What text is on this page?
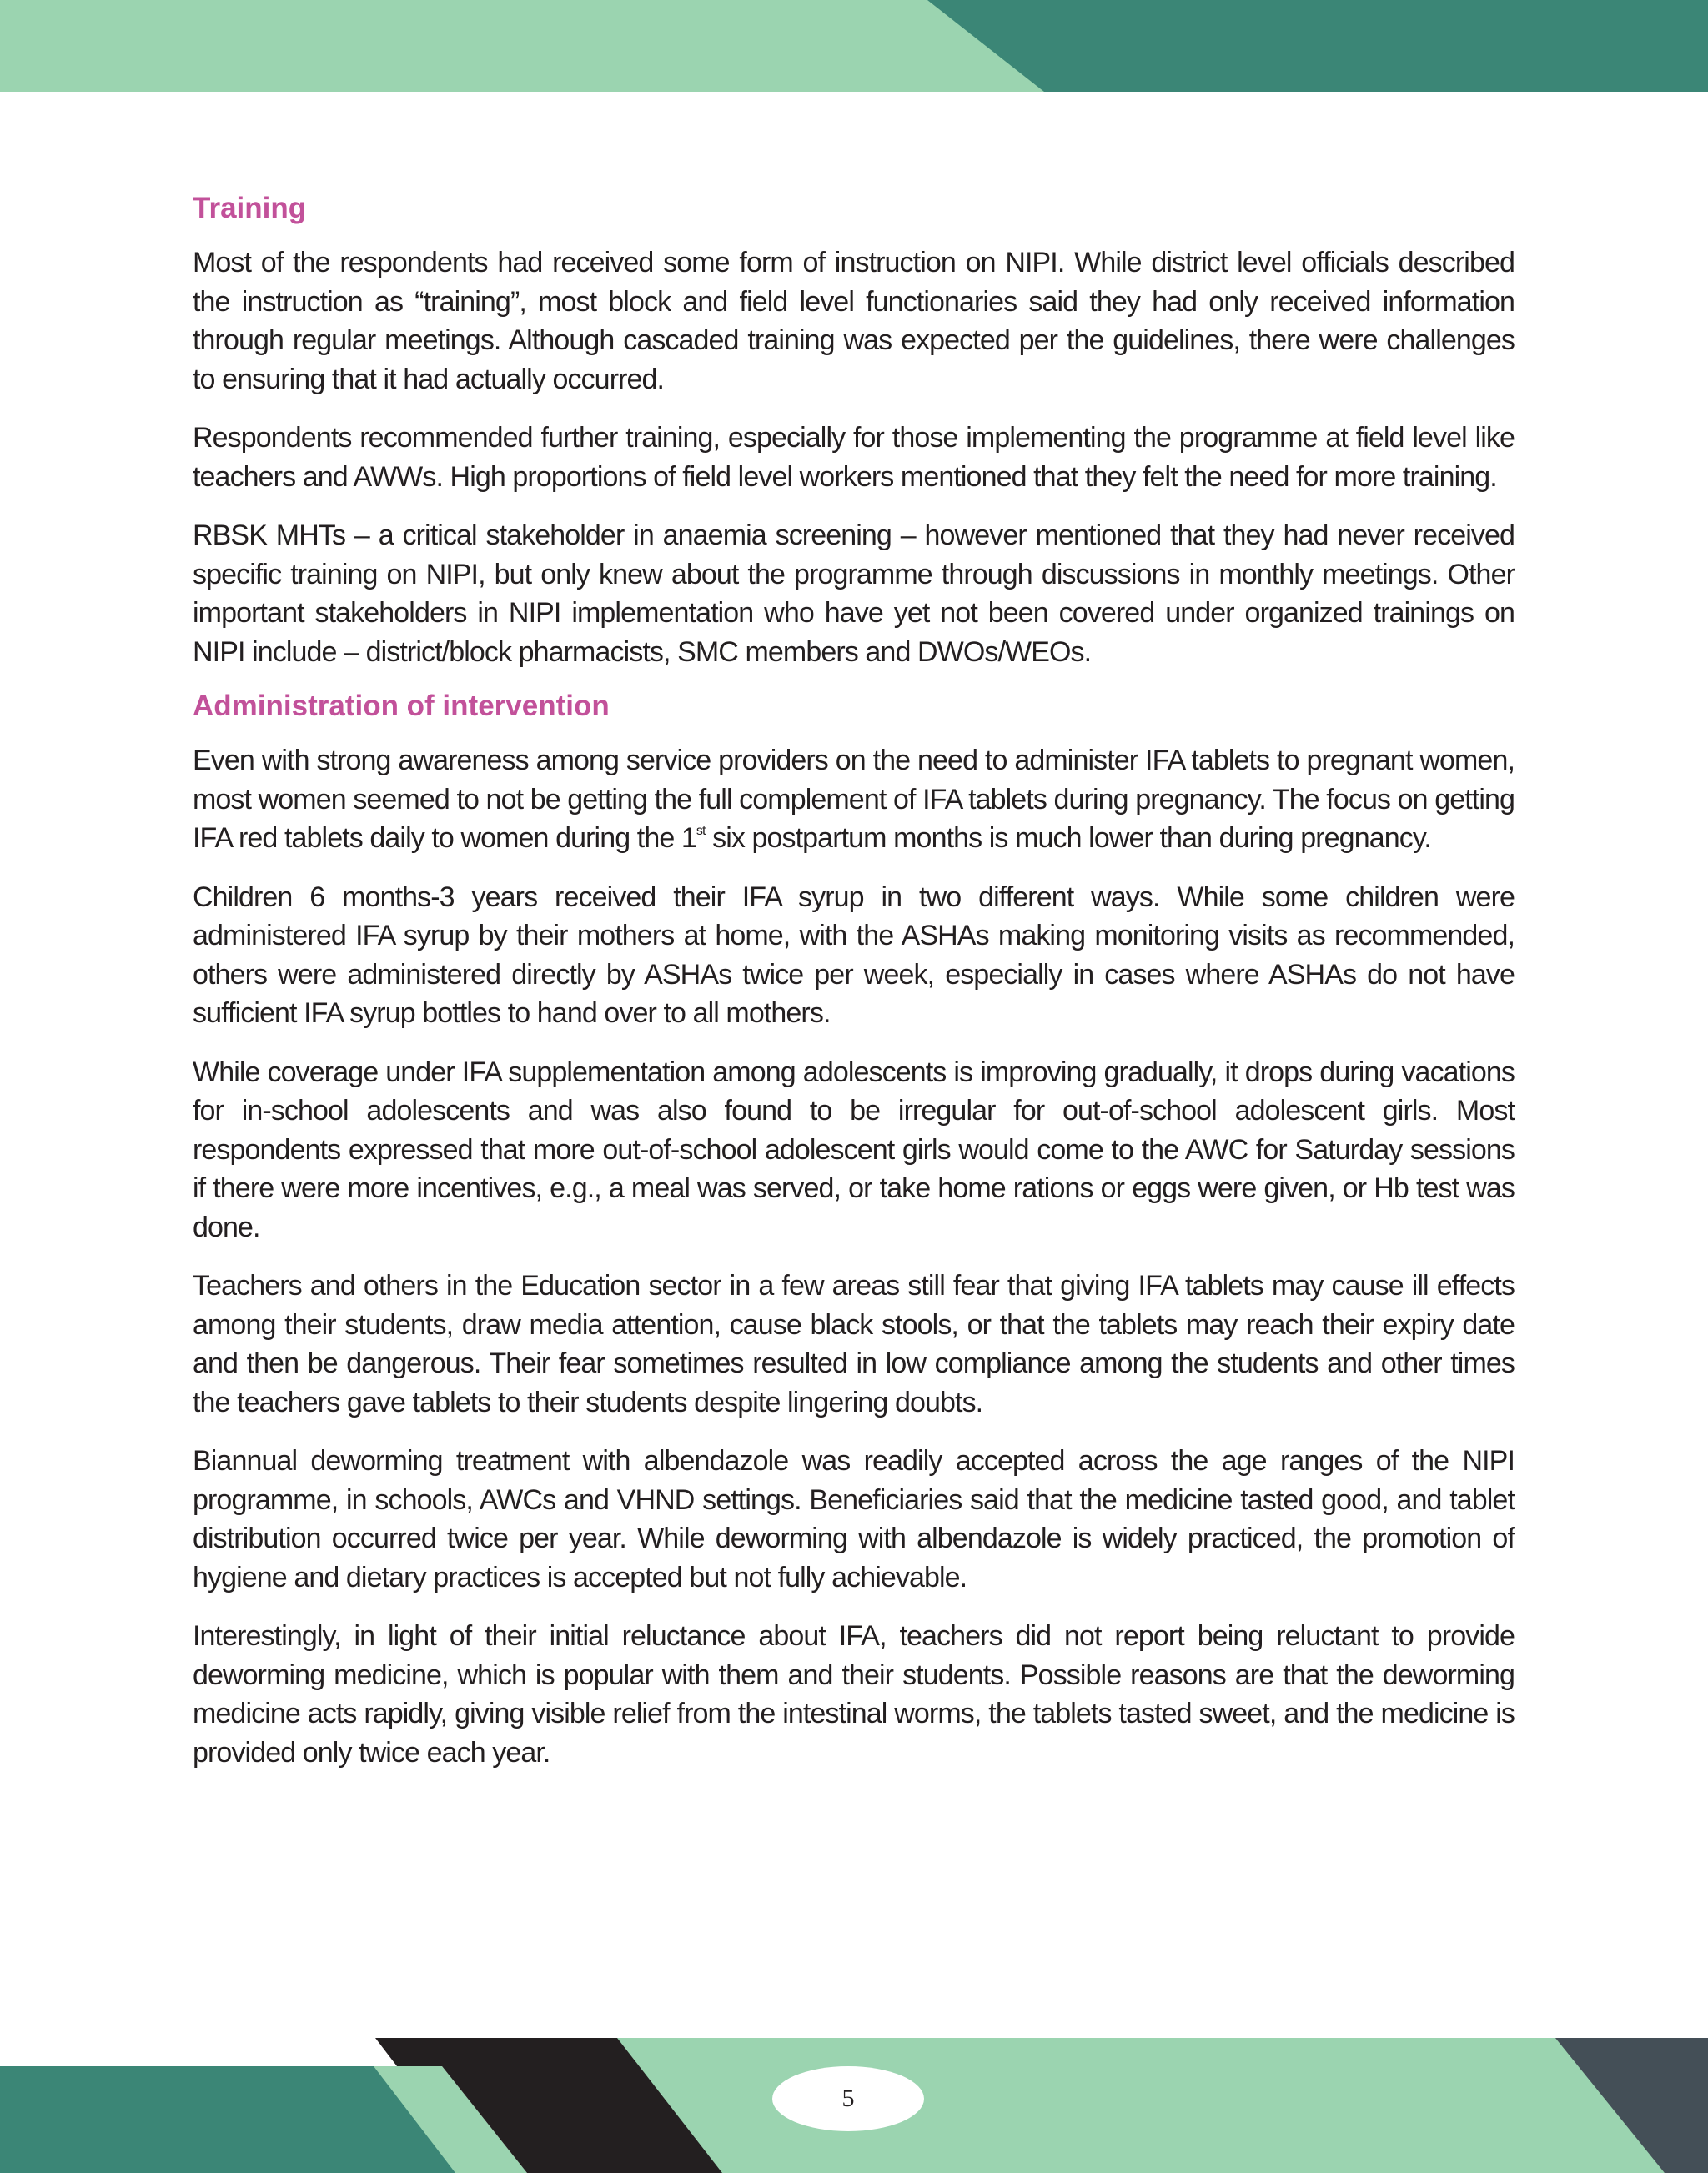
Training

Most of the respondents had received some form of instruction on NIPI. While district level officials described the instruction as “training”, most block and field level functionaries said they had only received information through regular meetings. Although cascaded training was expected per the guidelines, there were challenges to ensuring that it had actually occurred.

Respondents recommended further training, especially for those implementing the programme at field level like teachers and AWWs. High proportions of field level workers mentioned that they felt the need for more training.

RBSK MHTs – a critical stakeholder in anaemia screening – however mentioned that they had never received specific training on NIPI, but only knew about the programme through discussions in monthly meetings. Other important stakeholders in NIPI implementation who have yet not been covered under organized trainings on NIPI include – district/block pharmacists, SMC members and DWOs/WEOs.

Administration of intervention

Even with strong awareness among service providers on the need to administer IFA tablets to pregnant women, most women seemed to not be getting the full complement of IFA tablets during pregnancy. The focus on getting IFA red tablets daily to women during the 1st six postpartum months is much lower than during pregnancy.

Children 6 months-3 years received their IFA syrup in two different ways. While some children were administered IFA syrup by their mothers at home, with the ASHAs making monitoring visits as recommended, others were administered directly by ASHAs twice per week, especially in cases where ASHAs do not have sufficient IFA syrup bottles to hand over to all mothers.

While coverage under IFA supplementation among adolescents is improving gradually, it drops during vacations for in-school adolescents and was also found to be irregular for out-of-school adolescent girls. Most respondents expressed that more out-of-school adolescent girls would come to the AWC for Saturday sessions if there were more incentives, e.g., a meal was served, or take home rations or eggs were given, or Hb test was done.

Teachers and others in the Education sector in a few areas still fear that giving IFA tablets may cause ill effects among their students, draw media attention, cause black stools, or that the tablets may reach their expiry date and then be dangerous. Their fear sometimes resulted in low compliance among the students and other times the teachers gave tablets to their students despite lingering doubts.

Biannual deworming treatment with albendazole was readily accepted across the age ranges of the NIPI programme, in schools, AWCs and VHND settings. Beneficiaries said that the medicine tasted good, and tablet distribution occurred twice per year. While deworming with albendazole is widely practiced, the promotion of hygiene and dietary practices is accepted but not fully achievable.

Interestingly, in light of their initial reluctance about IFA, teachers did not report being reluctant to provide deworming medicine, which is popular with them and their students. Possible reasons are that the deworming medicine acts rapidly, giving visible relief from the intestinal worms, the tablets tasted sweet, and the medicine is provided only twice each year.

5
